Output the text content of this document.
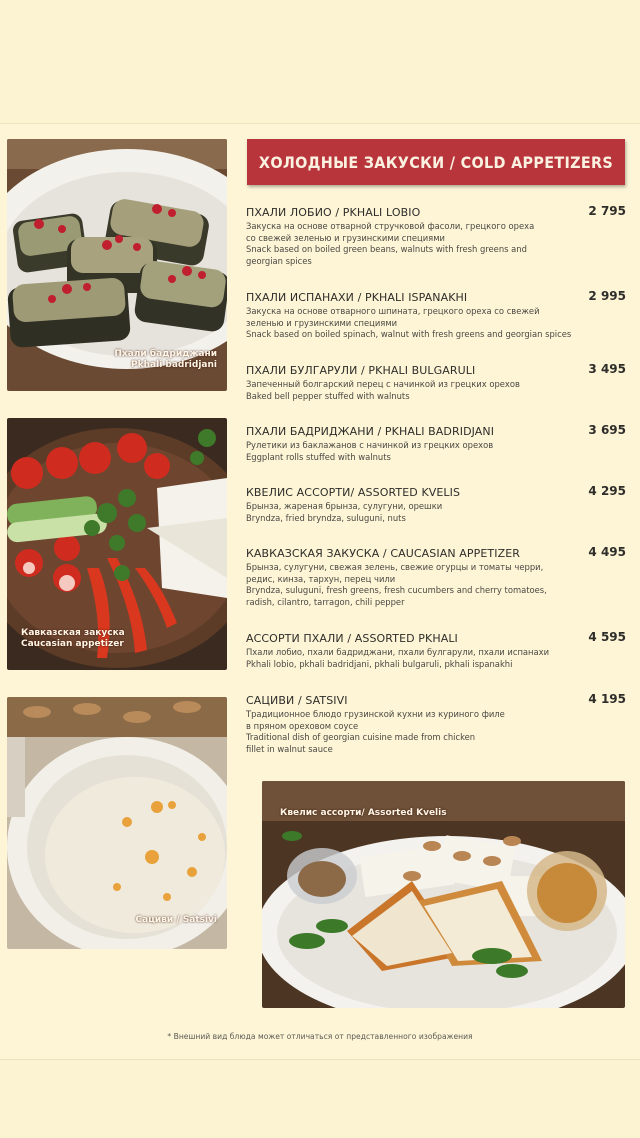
Пхали бадриджани
Pkhali badridjani
Кавказская закуска
Caucasian appetizer
Сациви / Satsivi
Квелис ассорти/ Assorted Kvelis
ХОЛОДНЫЕ ЗАКУСКИ / COLD APPETIZERS
ПХАЛИ ЛОБИО / PKHALI LOBIO	2 795
Закуска на основе отварной стручковой фасоли, грецкого ореха
со свежей зеленью и грузинскими специями
Snack based on boiled green beans, walnuts with fresh greens and
georgian spices
ПХАЛИ ИСПАНАХИ / PKHALI ISPANAKHI	2 995
Закуска на основе отварного шпината, грецкого ореха со свежей
зеленью и грузинскими специями
Snack based on boiled spinach, walnut with fresh greens and georgian spices
ПХАЛИ БУЛГАРУЛИ / PKHALI BULGARULI	3 495
Запеченный болгарский перец с начинкой из грецких орехов
Baked bell pepper stuffed with walnuts
ПХАЛИ БАДРИДЖАНИ / PKHALI BADRIDJANI	3 695
Рулетики из баклажанов с начинкой из грецких орехов
Eggplant rolls stuffed with walnuts
КВЕЛИС АССОРТИ/ ASSORTED KVELIS	4 295
Брынза, жареная брынза, сулугуни, орешки
Bryndza, fried bryndza, suluguni, nuts
КАВКАЗСКАЯ ЗАКУСКА / CAUCASIAN APPETIZER	4 495
Брынза, сулугуни, свежая зелень, свежие огурцы и томаты черри,
редис, кинза, тархун, перец чили
Bryndza, suluguni, fresh greens, fresh cucumbers and cherry tomatoes,
radish, cilantro, tarragon, chili pepper
АССОРТИ ПХАЛИ / ASSORTED PKHALI	4 595
Пхали лобио, пхали бадриджани, пхали булгарули, пхали испанахи
Pkhali lobio, pkhali badridjani, pkhali bulgaruli, pkhali ispanakhi
САЦИВИ / SATSIVI	4 195
Традиционное блюдо грузинской кухни из куриного филе
в пряном ореховом соусе
Traditional dish of georgian cuisine made from chicken
fillet in walnut sauce
* Внешний вид блюда может отличаться от представленного изображения
